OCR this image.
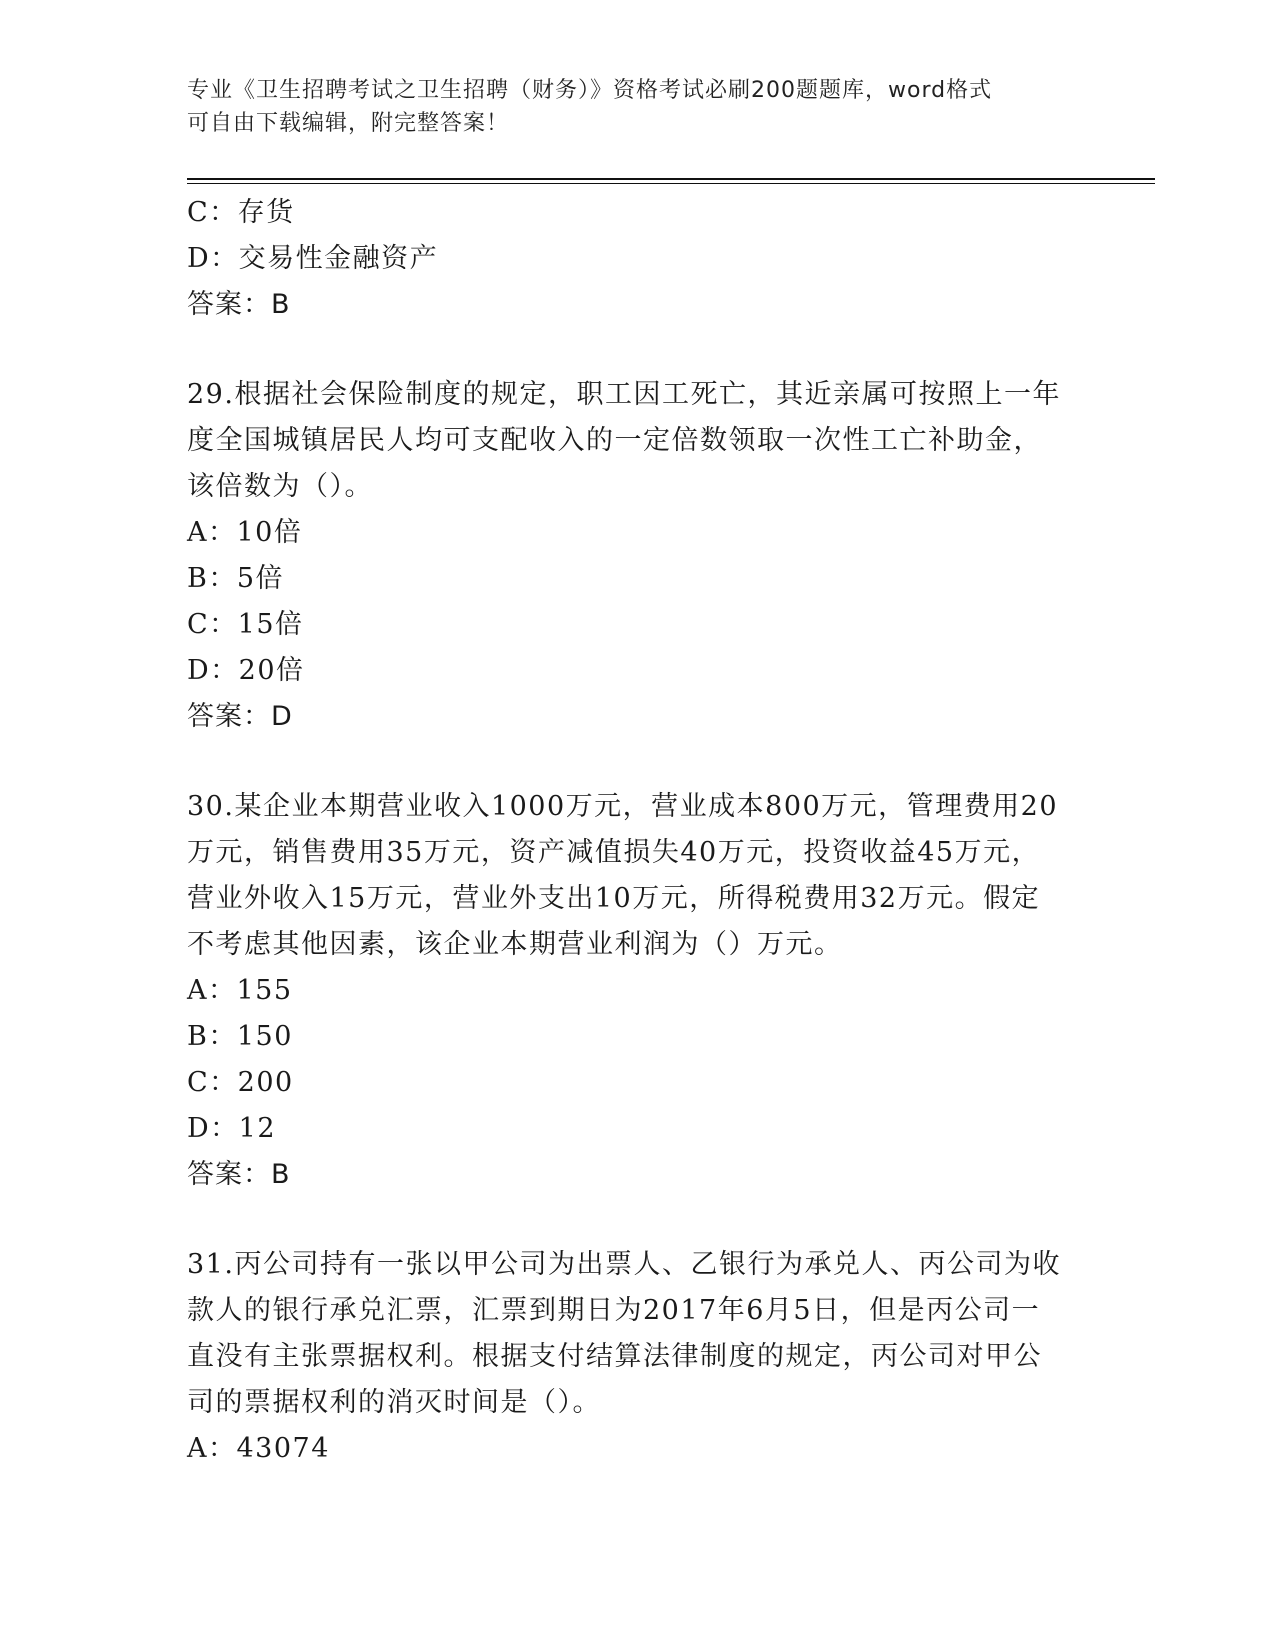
专业《卫生招聘考试之卫生招聘（财务）》资格考试必刷200题题库，word格式
可自由下载编辑，附完整答案！
C：存货
D：交易性金融资产
答案：B
29.根据社会保险制度的规定，职工因工死亡，其近亲属可按照上一年
度全国城镇居民人均可支配收入的一定倍数领取一次性工亡补助金，
该倍数为（）。
A：10倍
B：5倍
C：15倍
D：20倍
答案：D
30.某企业本期营业收入1000万元，营业成本800万元，管理费用20
万元，销售费用35万元，资产减值损失40万元，投资收益45万元，
营业外收入15万元，营业外支出10万元，所得税费用32万元。假定
不考虑其他因素，该企业本期营业利润为（）万元。
A：155
B：150
C：200
D：12
答案：B
31.丙公司持有一张以甲公司为出票人、乙银行为承兑人、丙公司为收
款人的银行承兑汇票，汇票到期日为2017年6月5日，但是丙公司一
直没有主张票据权利。根据支付结算法律制度的规定，丙公司对甲公
司的票据权利的消灭时间是（）。
A：43074
